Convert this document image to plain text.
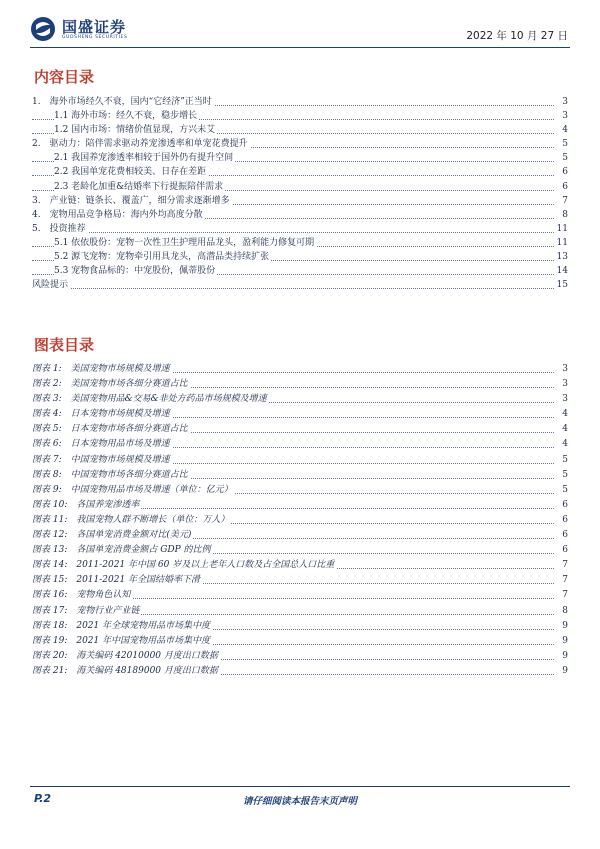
国盛证券
GUOSHENG SECURITIES	2022 年 10 月 27 日
内容目录
1.　海外市场经久不衰，国内“它经济”正当时	3
1.1 海外市场：经久不衰，稳步增长	3
1.2 国内市场：情绪价值显现，方兴未艾	4
2.　驱动力：陪伴需求驱动养宠渗透率和单宠花费提升	5
2.1 我国养宠渗透率相较于国外仍有提升空间	5
2.2 我国单宠花费相较美、日存在差距	6
2.3 老龄化加重&结婚率下行提振陪伴需求	6
3.　产业链：链条长、覆盖广，细分需求逐渐增多	7
4.　宠物用品竞争格局：海内外均高度分散	8
5.　投资推荐	11
5.1 依依股份：宠物一次性卫生护理用品龙头，盈利能力修复可期	11
5.2 源飞宠物：宠物牵引用具龙头，高潜品类持续扩张	13
5.3 宠物食品标的：中宠股份，佩蒂股份	14
风险提示	15
图表目录
图表 1:　美国宠物市场规模及增速	3
图表 2:　美国宠物市场各细分赛道占比	3
图表 3:　美国宠物用品&交易&非处方药品市场规模及增速	3
图表 4:　日本宠物市场规模及增速	4
图表 5:　日本宠物市场各细分赛道占比	4
图表 6:　日本宠物用品市场及增速	4
图表 7:　中国宠物市场规模及增速	5
图表 8:　中国宠物市场各细分赛道占比	5
图表 9:　中国宠物用品市场及增速（单位：亿元）	5
图表 10:　各国养宠渗透率	6
图表 11:　我国宠物人群不断增长（单位：万人）	6
图表 12:　各国单宠消费金额对比(美元)	6
图表 13:　各国单宠消费金额占 GDP 的比例	6
图表 14:　2011-2021 年中国 60 岁及以上老年人口数及占全国总人口比重	7
图表 15:　2011-2021 年全国结婚率下滑	7
图表 16:　宠物角色认知	7
图表 17:　宠物行业产业链	8
图表 18:　2021 年全球宠物用品市场集中度	9
图表 19:　2021 年中国宠物用品市场集中度	9
图表 20:　海关编码 42010000 月度出口数据	9
图表 21:　海关编码 48189000 月度出口数据	9
P.2	请仔细阅读本报告末页声明
